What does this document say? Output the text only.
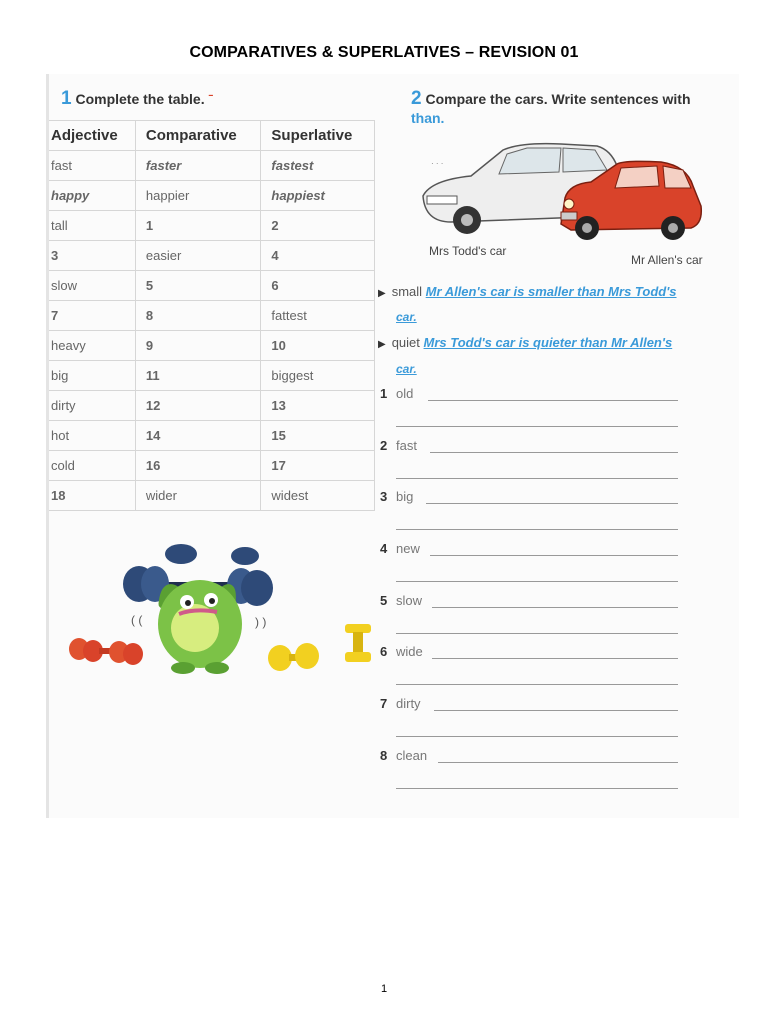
COMPARATIVES & SUPERLATIVES – REVISION 01
1 Complete the table. ˉ
Adjective	Comparative	Superlative
fast	faster	fastest
happy	happier	happiest
tall	1	2
3	easier	4
slow	5	6
7	8	fattest
heavy	9	10
big	11	biggest
dirty	12	13
hot	14	15
cold	16	17
18	wider	widest
( (	) )
2 Compare the cars. Write sentences with
than.
· · ·
Mrs Todd's car
Mr Allen's car
▶ small Mr Allen's car is smaller than Mrs Todd's
car.
▶ quiet Mrs Todd's car is quieter than Mr Allen's
car.
1 old
2 fast
3 big
4 new
5 slow
6 wide
7 dirty
8 clean
1
